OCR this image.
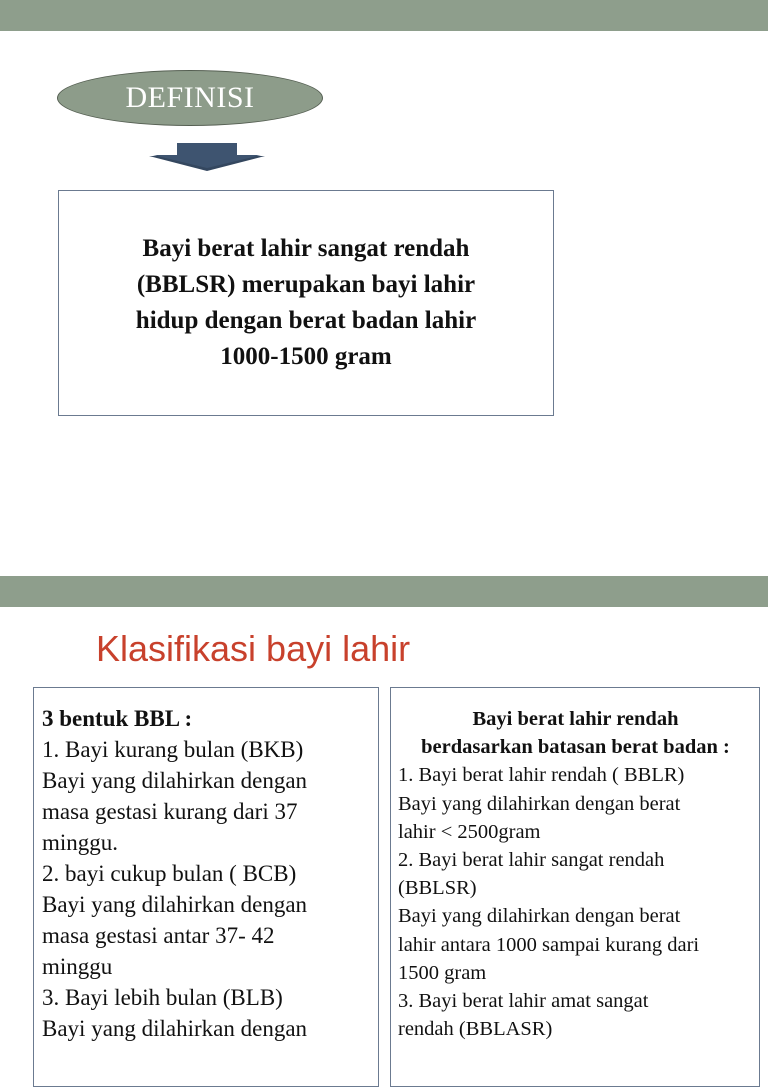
DEFINISI

Bayi berat lahir sangat rendah
(BBLSR) merupakan bayi lahir
hidup dengan berat badan lahir
1000-1500 gram

Klasifikasi bayi lahir
3 bentuk BBL :
1. Bayi kurang bulan (BKB)
Bayi yang dilahirkan dengan
masa gestasi kurang dari 37
minggu.
2. bayi cukup bulan ( BCB)
Bayi yang dilahirkan dengan
masa gestasi antar 37- 42
minggu
3. Bayi lebih bulan (BLB)
Bayi yang dilahirkan dengan
Bayi berat lahir rendah
berdasarkan batasan berat badan :
1. Bayi berat lahir rendah ( BBLR)
Bayi yang dilahirkan dengan berat
lahir < 2500gram
2. Bayi berat lahir sangat rendah
(BBLSR)
Bayi yang dilahirkan dengan berat
lahir antara 1000 sampai kurang dari
1500 gram
3. Bayi berat lahir amat sangat
rendah (BBLASR)
